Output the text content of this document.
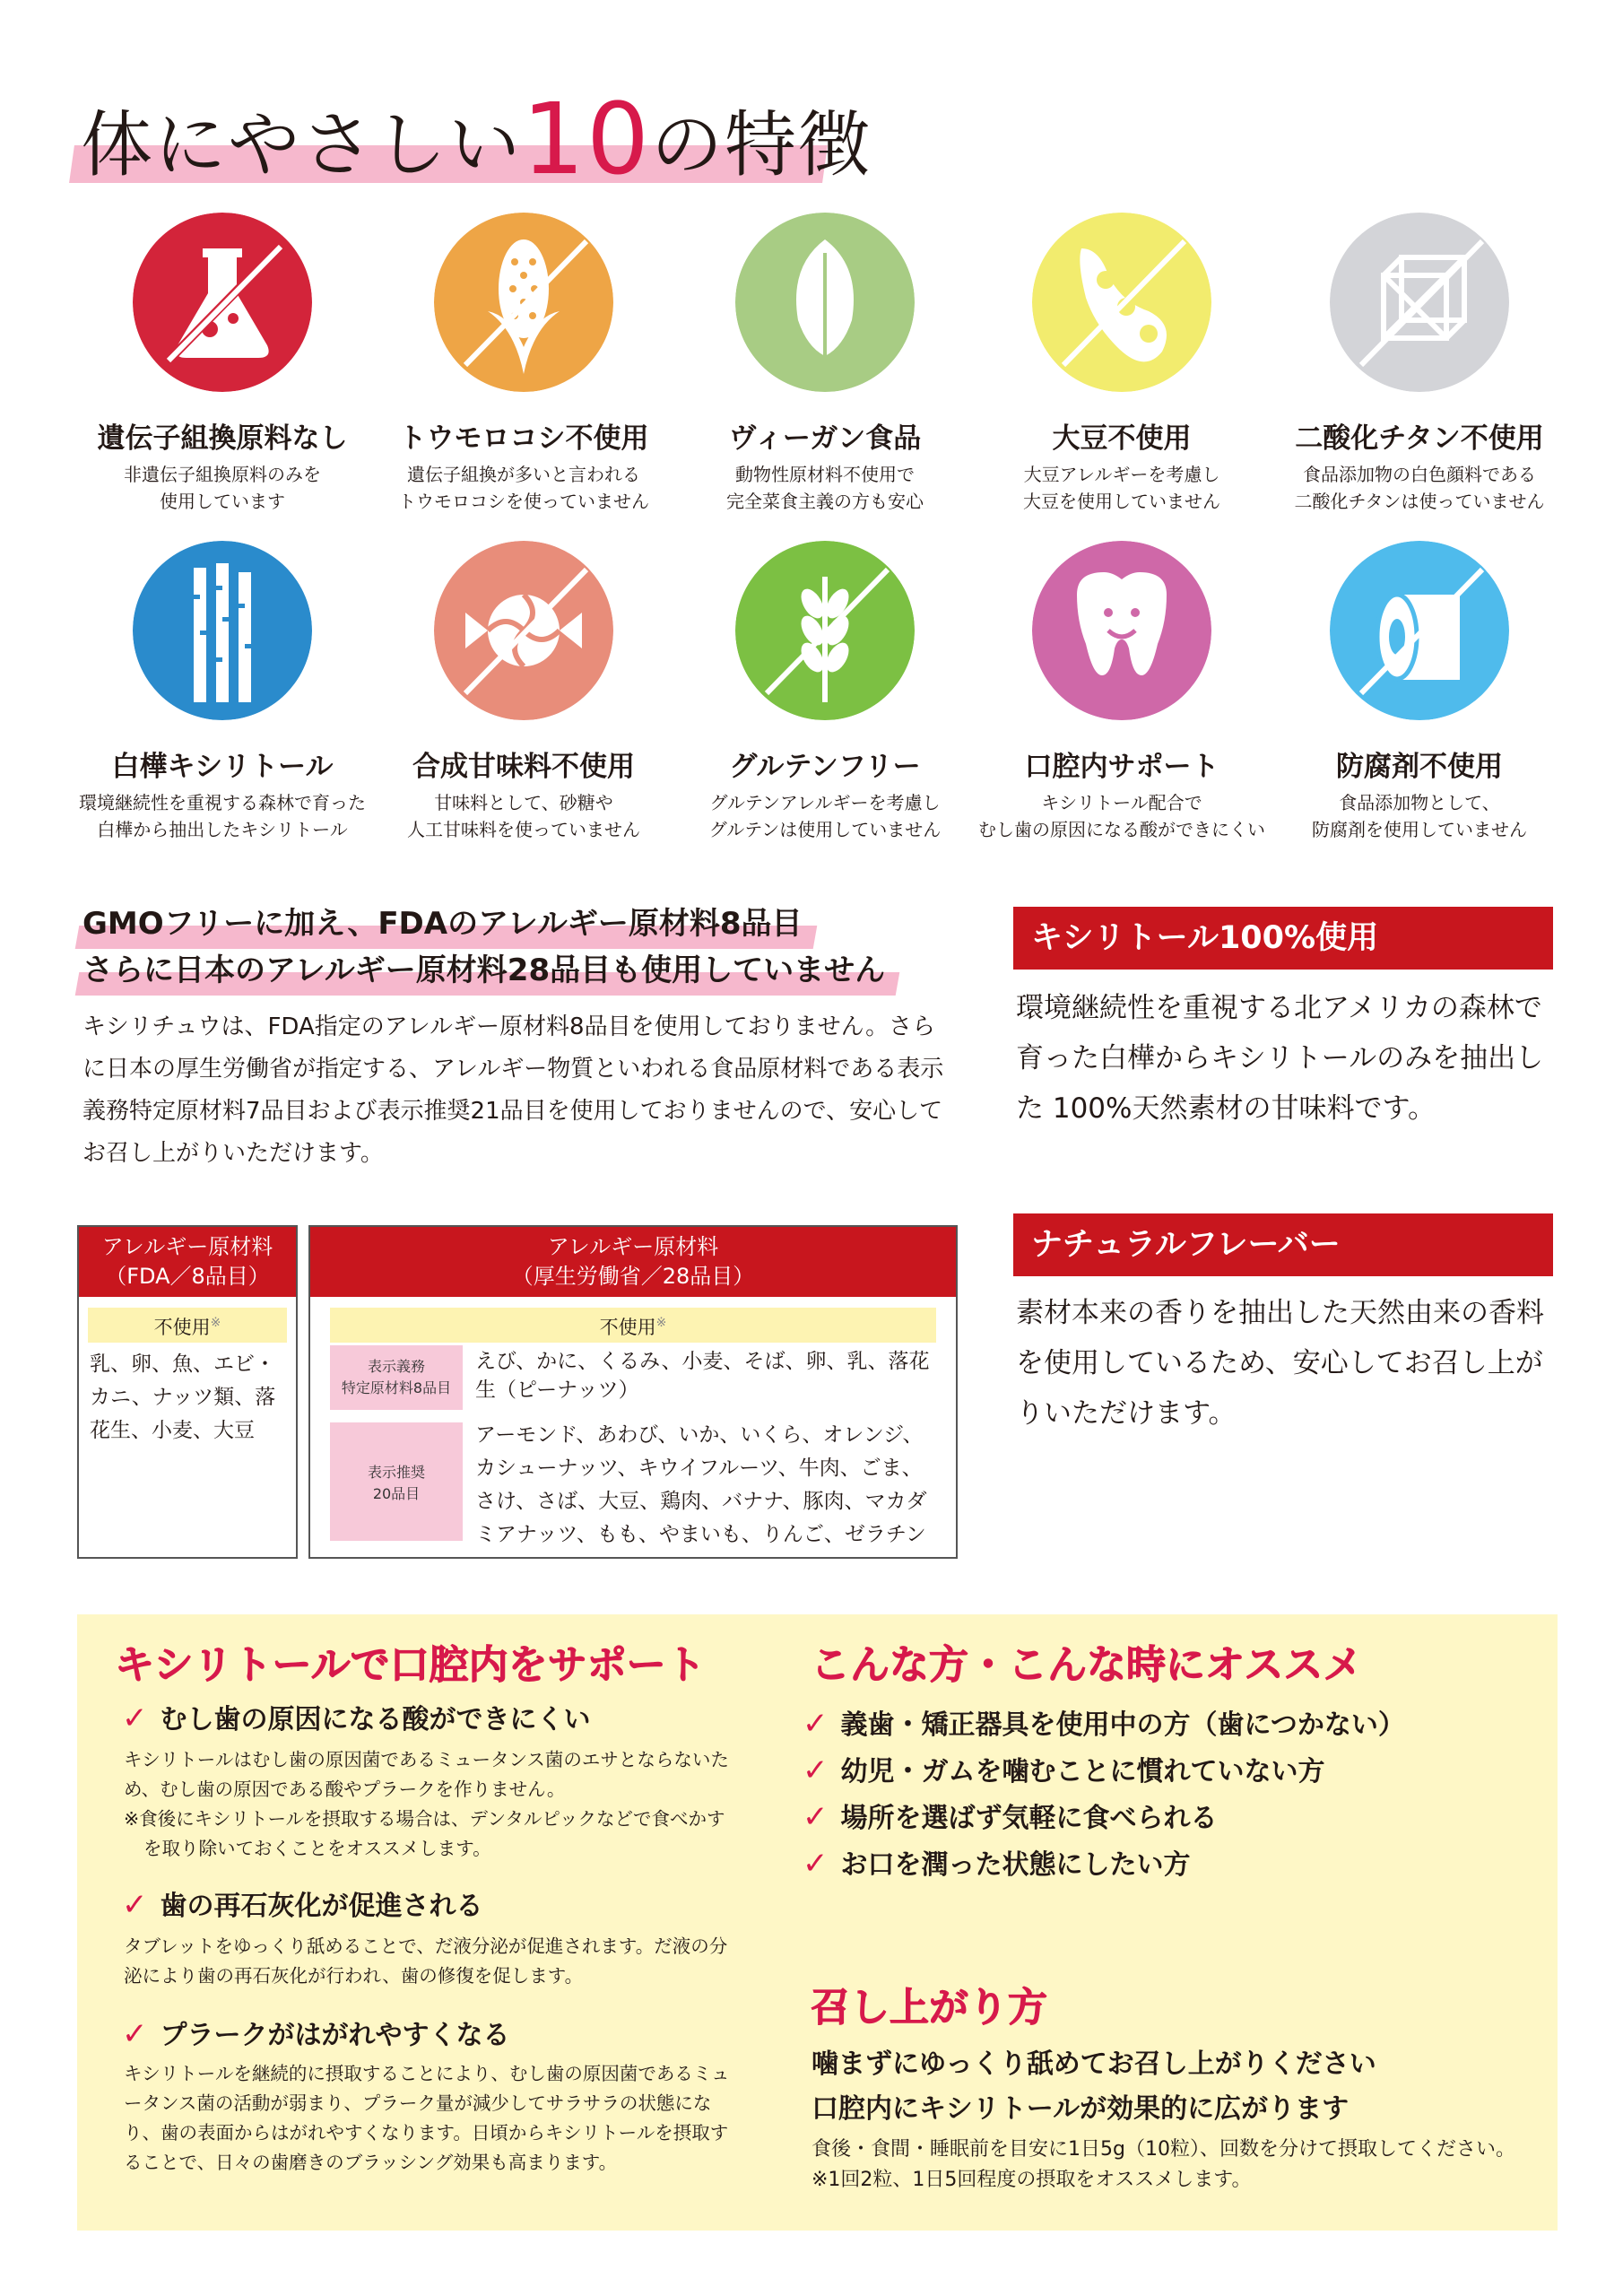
体にやさしい10の特徴
遺伝子組換原料なし
非遺伝子組換原料のみを
使用しています
トウモロコシ不使用
遺伝子組換が多いと言われる
トウモロコシを使っていません
ヴィーガン食品
動物性原材料不使用で
完全菜食主義の方も安心
大豆不使用
大豆アレルギーを考慮し
大豆を使用していません
二酸化チタン不使用
食品添加物の白色顔料である
二酸化チタンは使っていません
白樺キシリトール
環境継続性を重視する森林で育った
白樺から抽出したキシリトール
合成甘味料不使用
甘味料として、砂糖や
人工甘味料を使っていません
グルテンフリー
グルテンアレルギーを考慮し
グルテンは使用していません
口腔内サポート
キシリトール配合で
むし歯の原因になる酸ができにくい
防腐剤不使用
食品添加物として、
防腐剤を使用していません
GMOフリーに加え、FDAのアレルギー原材料8品目
さらに日本のアレルギー原材料28品目も使用していません
キシリチュウは、FDA指定のアレルギー原材料8品目を使用しておりません。さらに日本の厚生労働省が指定する、アレルギー物質といわれる食品原材料である表示義務特定原材料7品目および表示推奨21品目を使用しておりませんので、安心してお召し上がりいただけます。
キシリトール100%使用
環境継続性を重視する北アメリカの森林で育った白樺からキシリトールのみを抽出した 100%天然素材の甘味料です。
ナチュラルフレーバー
素材本来の香りを抽出した天然由来の香料を使用しているため、安心してお召し上がりいただけます。
アレルギー原材料
（FDA／8品目）
不使用※
乳、卵、魚、エビ・カニ、ナッツ類、落花生、小麦、大豆
アレルギー原材料
（厚生労働省／28品目）
不使用※
表示義務
特定原材料8品目
えび、かに、くるみ、小麦、そば、卵、乳、落花生（ピーナッツ）
表示推奨
20品目
アーモンド、あわび、いか、いくら、オレンジ、カシューナッツ、キウイフルーツ、牛肉、ごま、さけ、さば、大豆、鶏肉、バナナ、豚肉、マカダミアナッツ、もも、やまいも、りんご、ゼラチン
キシリトールで口腔内をサポート
✓ むし歯の原因になる酸ができにくい
キシリトールはむし歯の原因菌であるミュータンス菌のエサとならないため、むし歯の原因である酸やプラークを作りません。
※食後にキシリトールを摂取する場合は、デンタルピックなどで食べかすを取り除いておくことをオススメします。
✓ 歯の再石灰化が促進される
タブレットをゆっくり舐めることで、だ液分泌が促進されます。だ液の分泌により歯の再石灰化が行われ、歯の修復を促します。
✓ プラークがはがれやすくなる
キシリトールを継続的に摂取することにより、むし歯の原因菌であるミュータンス菌の活動が弱まり、プラーク量が減少してサラサラの状態になり、歯の表面からはがれやすくなります。日頃からキシリトールを摂取することで、日々の歯磨きのブラッシング効果も高まります。
こんな方・こんな時にオススメ
✓ 義歯・矯正器具を使用中の方（歯につかない）
✓ 幼児・ガムを噛むことに慣れていない方
✓ 場所を選ばず気軽に食べられる
✓ お口を潤った状態にしたい方
召し上がり方
噛まずにゆっくり舐めてお召し上がりください
口腔内にキシリトールが効果的に広がります
食後・食間・睡眠前を目安に1日5g（10粒）、回数を分けて摂取してください。 ※1回2粒、1日5回程度の摂取をオススメします。
